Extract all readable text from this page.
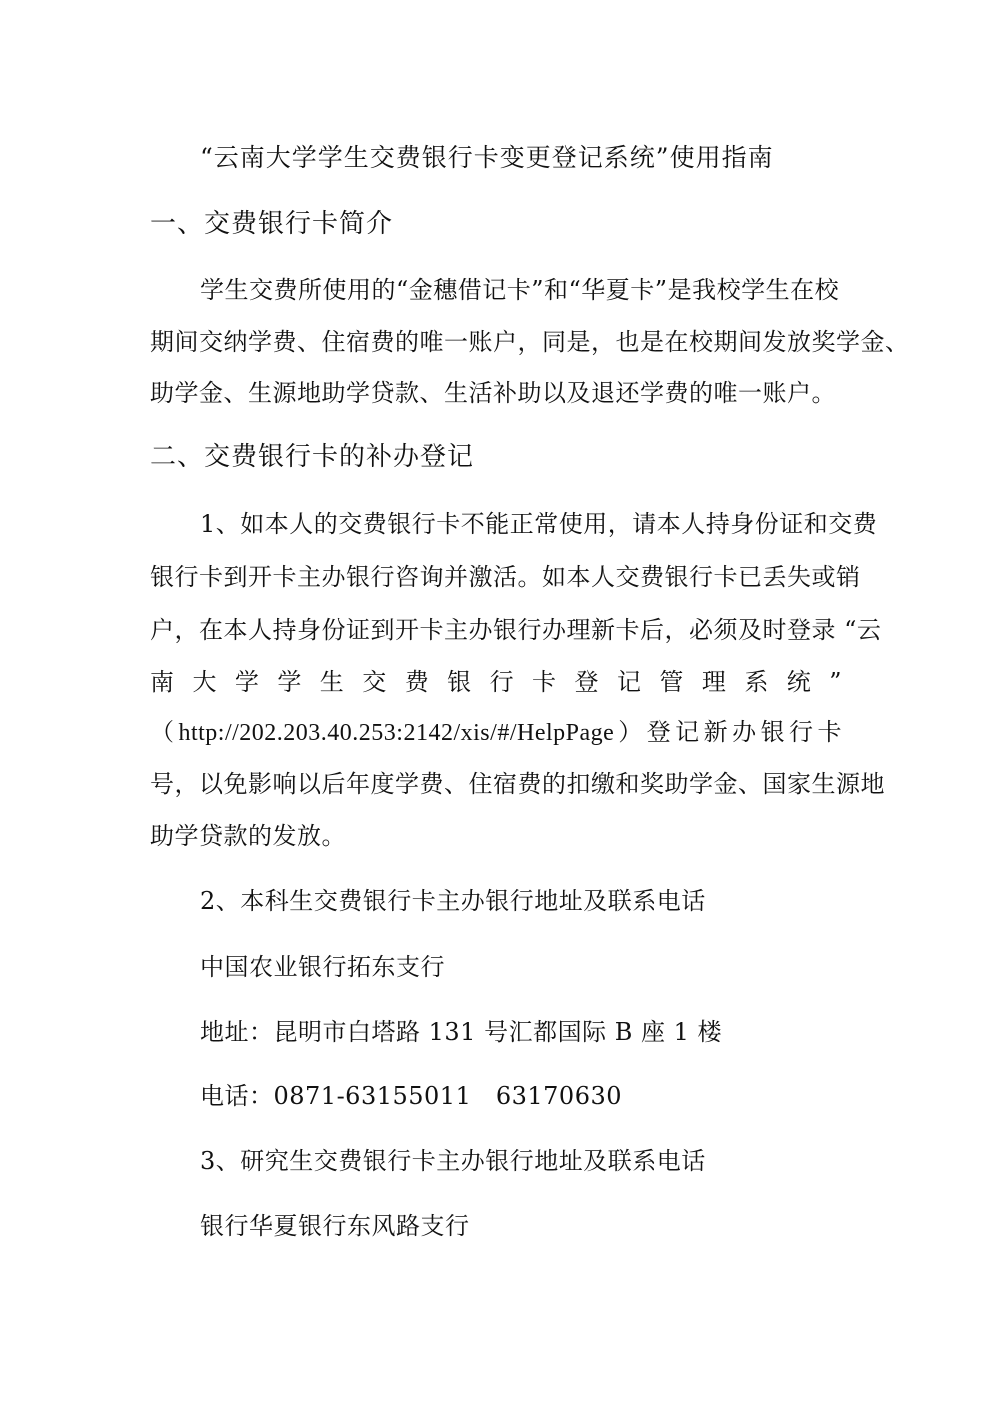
“云南大学学生交费银行卡变更登记系统”使用指南
一、交费银行卡简介
学生交费所使用的“金穗借记卡”和“华夏卡”是我校学生在校
期间交纳学费、住宿费的唯一账户，同是，也是在校期间发放奖学金、
助学金、生源地助学贷款、生活补助以及退还学费的唯一账户。
二、交费银行卡的补办登记
1、如本人的交费银行卡不能正常使用，请本人持身份证和交费
银行卡到开卡主办银行咨询并激活。如本人交费银行卡已丢失或销
户，在本人持身份证到开卡主办银行办理新卡后，必须及时登录 “云
南 大 学 学 生 交 费 银 行 卡 登 记 管 理 系 统 ”
（http://202.203.40.253:2142/xis/#/HelpPage）登记新办银行卡
号，以免影响以后年度学费、住宿费的扣缴和奖助学金、国家生源地
助学贷款的发放。
2、本科生交费银行卡主办银行地址及联系电话
中国农业银行拓东支行
地址：昆明市白塔路 131 号汇都国际 B 座 1 楼
电话：0871-63155011　63170630
3、研究生交费银行卡主办银行地址及联系电话
银行华夏银行东风路支行
